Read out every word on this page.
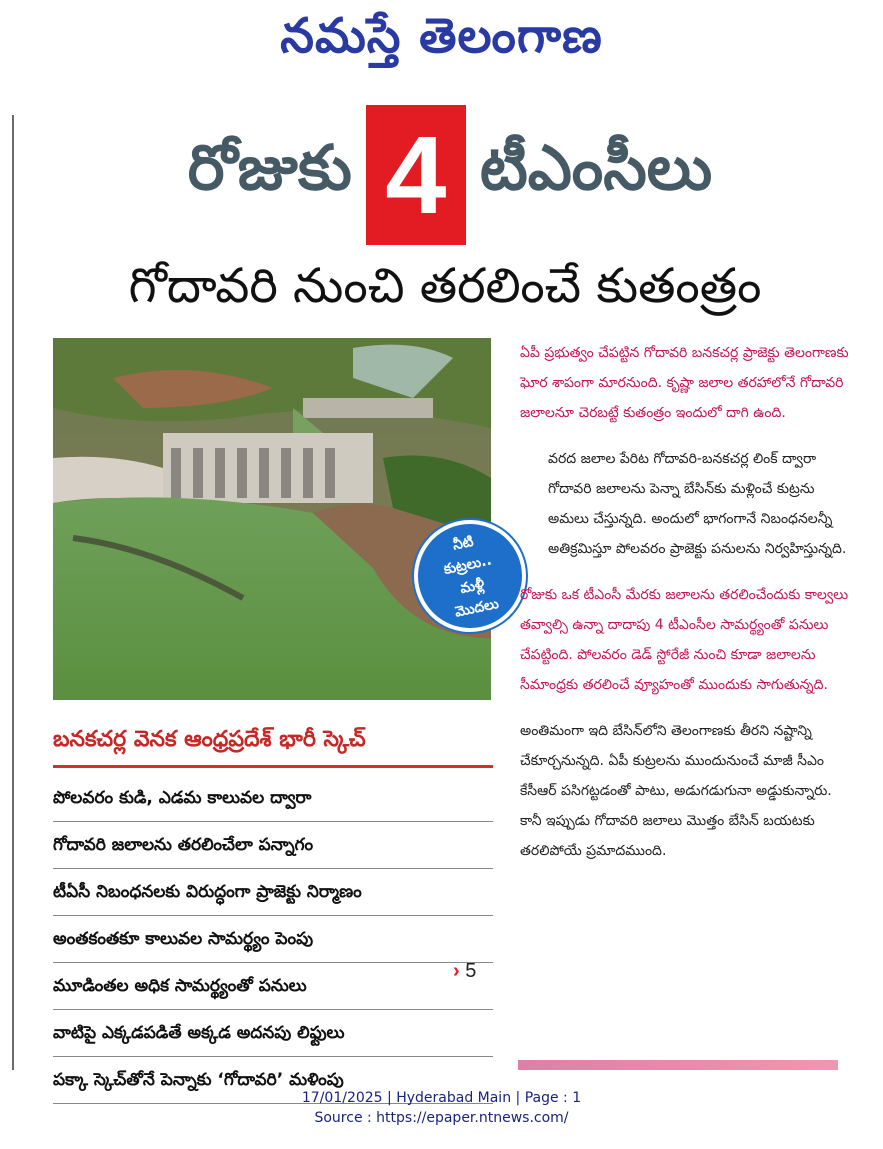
నమస్తే తెలంగాణ
రోజుకు 4 టీఎంసీలు
గోదావరి నుంచి తరలించే కుతంత్రం
నీటి
కుట్రలు..
మళ్లీ
మొదలు
బనకచర్ల వెనక ఆంధ్రప్రదేశ్ భారీ స్కెచ్
పోలవరం కుడి, ఎడమ కాలువల ద్వారా
గోదావరి జలాలను తరలించేలా పన్నాగం
టీఏసీ నిబంధనలకు విరుద్ధంగా ప్రాజెక్టు నిర్మాణం
అంతకంతకూ కాలువల సామర్థ్యం పెంపు
మూడింతల అధిక సామర్థ్యంతో పనులు
వాటిపై ఎక్కడపడితే అక్కడ అదనపు లిఫ్టులు
పక్కా స్కెచ్‌తోనే పెన్నాకు ‘గోదావరి’ మళింపు
› 5

ఏపీ ప్రభుత్వం చేపట్టిన గోదావరి బనకచర్ల ప్రాజెక్టు తెలంగాణకు ఘోర శాపంగా మారనుంది. కృష్ణా జలాల తరహాలోనే గోదావరి జలాలనూ చెరబట్టే కుతంత్రం ఇందులో దాగి ఉంది.

వరద జలాల పేరిట గోదావరి-బనకచర్ల లింక్ ద్వారా గోదావరి జలాలను పెన్నా బేసిన్‌కు మళ్లించే కుట్రను అమలు చేస్తున్నది. అందులో భాగంగానే నిబంధనలన్నీ అతిక్రమిస్తూ పోలవరం ప్రాజెక్టు పనులను నిర్వహిస్తున్నది.

రోజుకు ఒక టీఎంసీ మేరకు జలాలను తరలించేందుకు కాల్వలు తవ్వాల్సి ఉన్నా దాదాపు 4 టీఎంసీల సామర్థ్యంతో పనులు చేపట్టింది. పోలవరం డెడ్ స్టోరేజీ నుంచి కూడా జలాలను సీమాంధ్రకు తరలించే వ్యూహంతో ముందుకు సాగుతున్నది.

అంతిమంగా ఇది బేసిన్‌లోని తెలంగాణకు తీరని నష్టాన్ని చేకూర్చనున్నది. ఏపీ కుట్రలను ముందునుంచే మాజీ సీఎం కేసీఆర్ పసిగట్టడంతో పాటు, అడుగడుగునా అడ్డుకున్నారు. కానీ ఇప్పుడు గోదావరి జలాలు మొత్తం బేసిన్ బయటకు తరలిపోయే ప్రమాదముంది.

17/01/2025 | Hyderabad Main | Page : 1
Source : https://epaper.ntnews.com/
